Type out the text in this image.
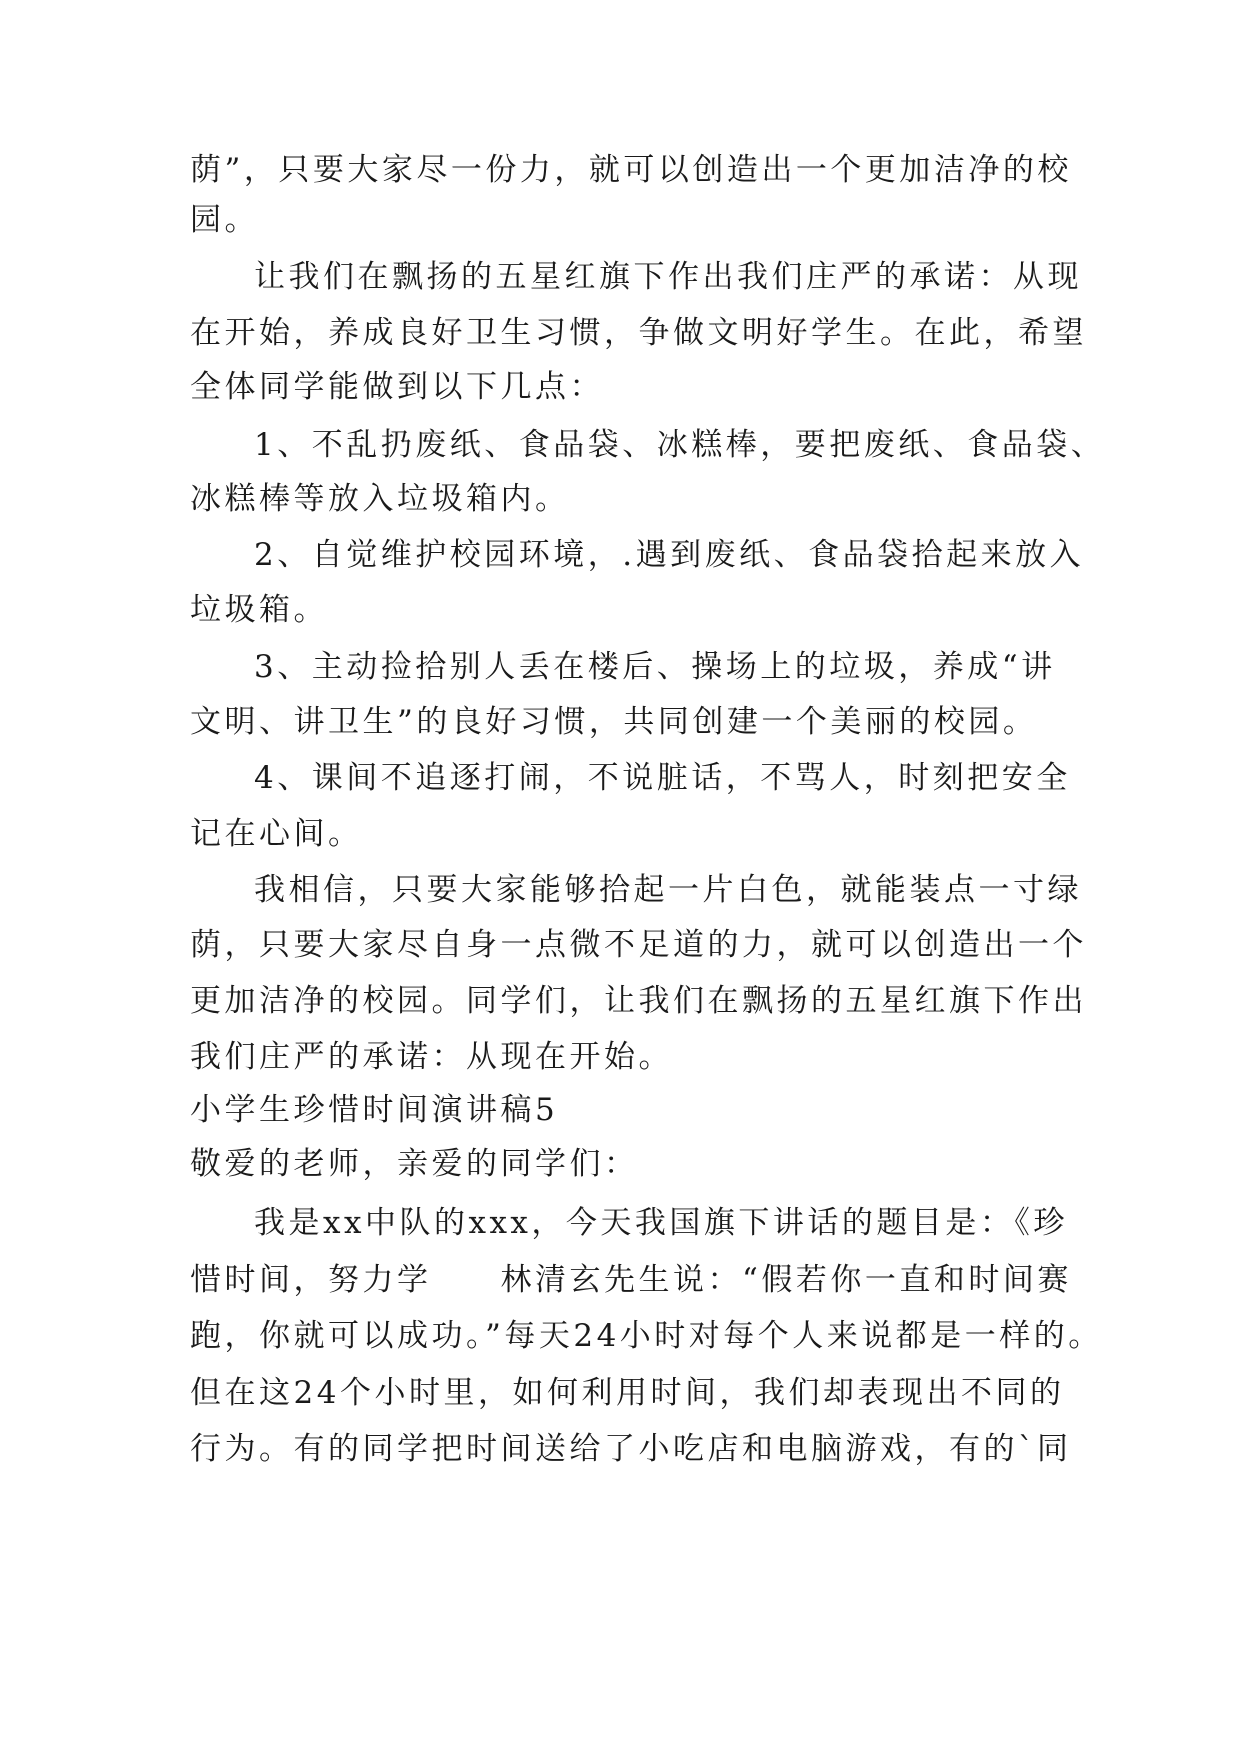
荫”，只要大家尽一份力，就可以创造出一个更加洁净的校

园。

让我们在飘扬的五星红旗下作出我们庄严的承诺：从现

在开始，养成良好卫生习惯，争做文明好学生。在此，希望

全体同学能做到以下几点：

1、不乱扔废纸、食品袋、冰糕棒，要把废纸、食品袋、

冰糕棒等放入垃圾箱内。

2、自觉维护校园环境，.遇到废纸、食品袋拾起来放入

垃圾箱。

3、主动捡拾别人丢在楼后、操场上的垃圾，养成“讲

文明、讲卫生”的良好习惯，共同创建一个美丽的校园。

4、课间不追逐打闹，不说脏话，不骂人，时刻把安全

记在心间。

我相信，只要大家能够拾起一片白色，就能装点一寸绿

荫，只要大家尽自身一点微不足道的力，就可以创造出一个

更加洁净的校园。同学们，让我们在飘扬的五星红旗下作出

我们庄严的承诺：从现在开始。

小学生珍惜时间演讲稿5

敬爱的老师，亲爱的同学们：

我是xx中队的xxx，今天我国旗下讲话的题目是：《珍

惜时间，努力学　　林清玄先生说：“假若你一直和时间赛

跑，你就可以成功。”每天24小时对每个人来说都是一样的。

但在这24个小时里，如何利用时间，我们却表现出不同的

行为。有的同学把时间送给了小吃店和电脑游戏，有的`同
